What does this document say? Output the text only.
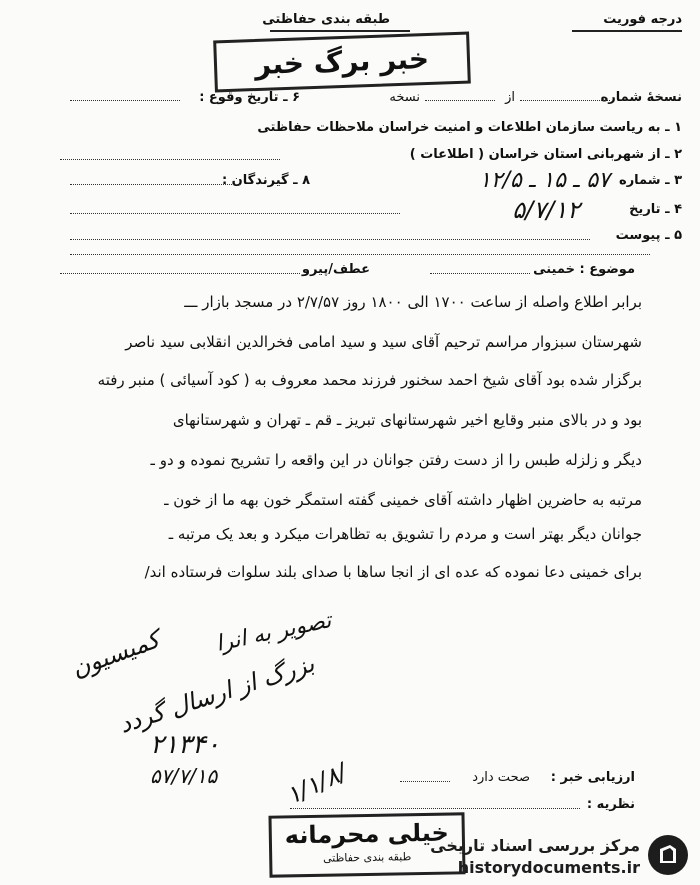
درجه فوریت
طبقه بندی حفاظتی
خبر برگ خبر
نسخهٔ شماره
از
نسخه
۶ ـ تاریخ وقوع :
۱ ـ به ریاست سازمان اطلاعات و امنیت خراسان ملاحظات حفاظتی
۲ ـ از شهربانی استان خراسان ( اطلاعات )
۳ ـ شماره
۵۷ ـ ۱۵ ـ ۱۲/۵
۸ ـ گیرندگان :
۴ ـ تاریخ
۵/۷/۱۲
۵ ـ پیوست
موضوع : خمینی
عطف/پیرو
برابر اطلاع واصله از ساعت ۱۷۰۰ الی ۱۸۰۰ روز ۲/۷/۵۷ در مسجد بازار ـــ
شهرستان سبزوار مراسم ترحیم آقای سید و سید امامی فخرالدین انقلابی سید ناصر
برگزار شده بود آقای شیخ احمد سخنور فرزند محمد معروف به ( کود آسیائی ) منبر رفته
بود و در بالای منبر وقایع اخیر شهرستانهای تبریز ـ قم ـ تهران و شهرستانهای
دیگر و زلزله طبس را از دست رفتن جوانان در این واقعه را تشریح نموده و دو ـ
مرتبه به حاضرین اظهار داشته آقای خمینی گفته استمگر خون بهه ما از خون ـ
جوانان دیگر بهتر است و مردم را تشویق به تظاهرات میکرد و بعد یک مرتبه ـ
برای خمینی دعا نموده که عده ای از انجا ساها با صدای بلند سلوات فرستاده اند/
تصویر به انرا
کمیسیون
بزرگ از ارسال گردد
۲۱۳۴۰
۵۷/۷/۱۵	/۱/۱/۸	ارزیابی خبر :
صحت دارد
نظریه :
خیلی محرمانه
طبقه بندی حفاظتی
مرکز بررسی اسناد تاریخی
historydocuments.ir
